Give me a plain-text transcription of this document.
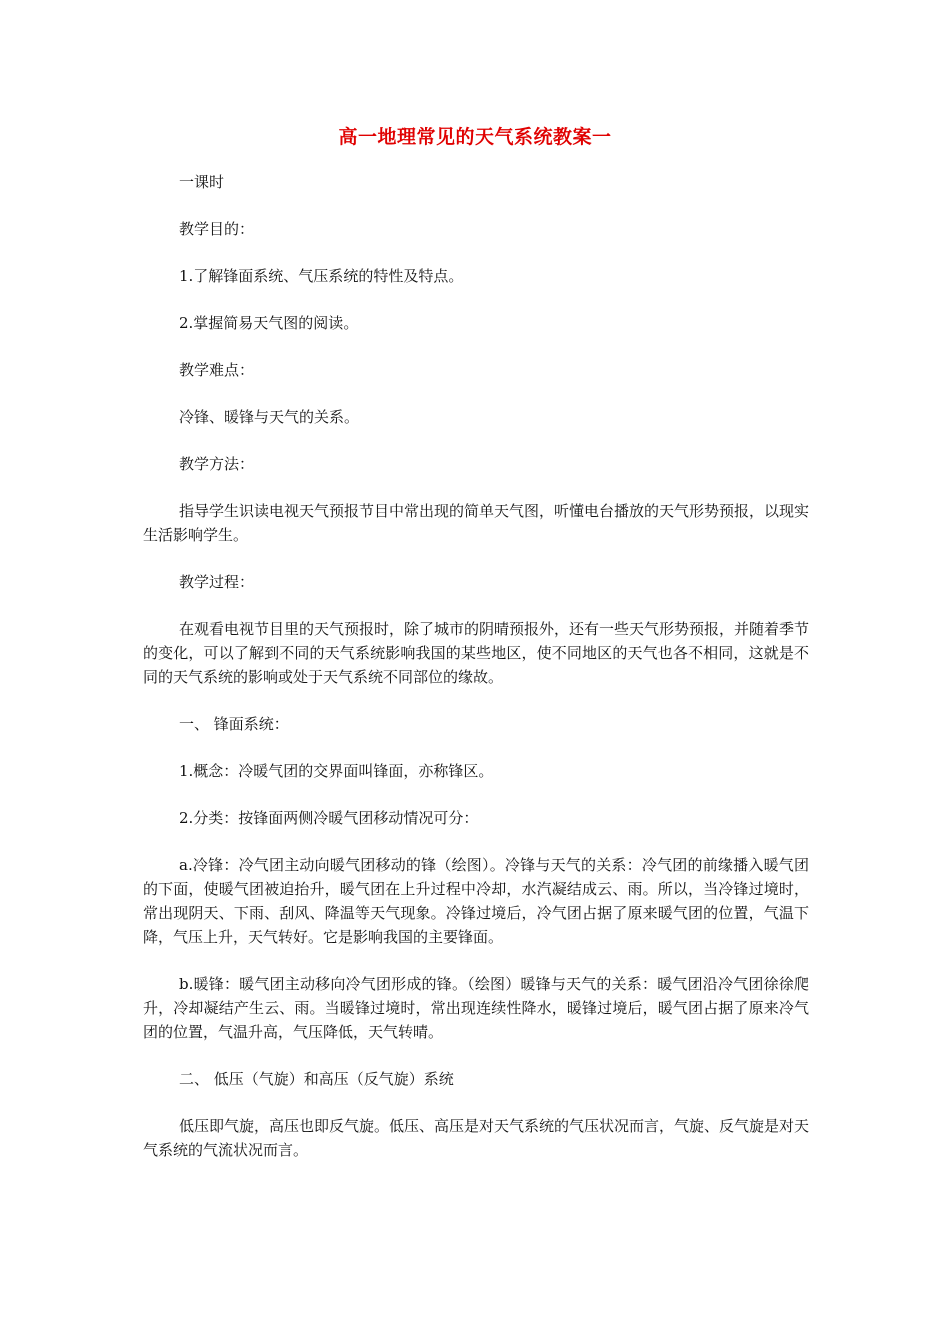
高一地理常见的天气系统教案一

一课时

教学目的：

1.了解锋面系统、气压系统的特性及特点。

2.掌握简易天气图的阅读。

教学难点：

冷锋、暖锋与天气的关系。

教学方法：

指导学生识读电视天气预报节目中常出现的简单天气图，听懂电台播放的天气形势预报，以现实生活影响学生。

教学过程：

在观看电视节目里的天气预报时，除了城市的阴晴预报外，还有一些天气形势预报，并随着季节的变化，可以了解到不同的天气系统影响我国的某些地区，使不同地区的天气也各不相同，这就是不同的天气系统的影响或处于天气系统不同部位的缘故。

一、 锋面系统：

1.概念：冷暖气团的交界面叫锋面，亦称锋区。

2.分类：按锋面两侧冷暖气团移动情况可分：

a.冷锋：冷气团主动向暖气团移动的锋（绘图）。冷锋与天气的关系：冷气团的前缘播入暖气团的下面，使暖气团被迫抬升，暖气团在上升过程中冷却，水汽凝结成云、雨。所以，当冷锋过境时，常出现阴天、下雨、刮风、降温等天气现象。冷锋过境后，冷气团占据了原来暖气团的位置，气温下降，气压上升，天气转好。它是影响我国的主要锋面。

b.暖锋：暖气团主动移向冷气团形成的锋。（绘图）暖锋与天气的关系：暖气团沿冷气团徐徐爬升，冷却凝结产生云、雨。当暖锋过境时，常出现连续性降水，暖锋过境后，暖气团占据了原来冷气团的位置，气温升高，气压降低，天气转晴。

二、 低压（气旋）和高压（反气旋）系统

低压即气旋，高压也即反气旋。低压、高压是对天气系统的气压状况而言，气旋、反气旋是对天气系统的气流状况而言。
